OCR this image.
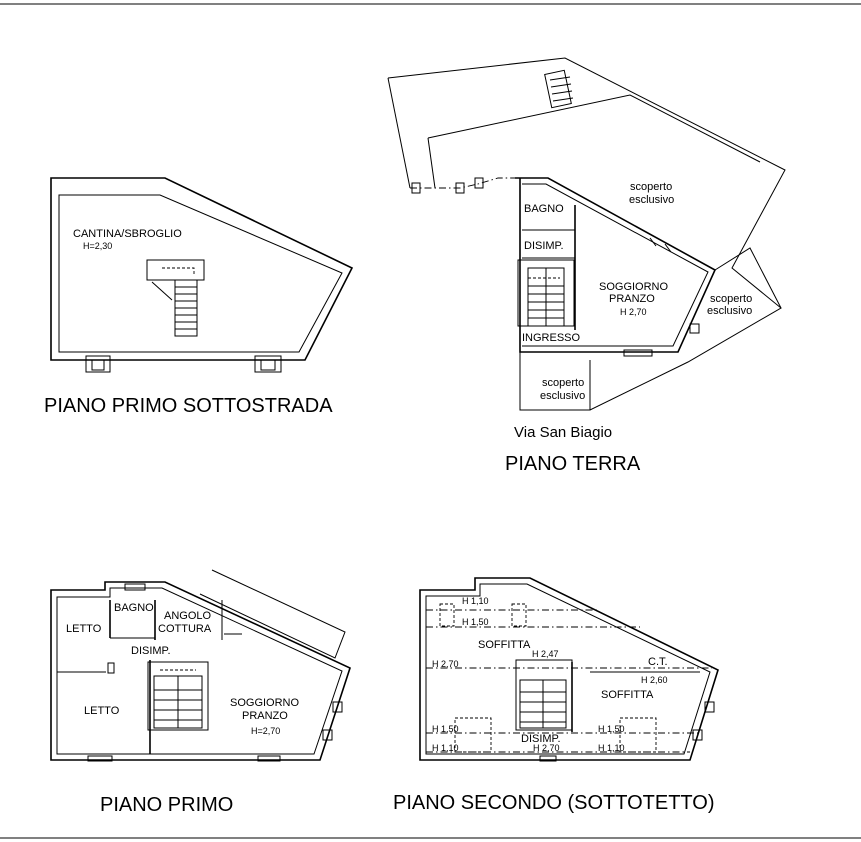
CANTINA/SBROGLIO
H=2,30
PIANO PRIMO SOTTOSTRADA
BAGNO
DISIMP.
SOGGIORNO
PRANZO
H 2,70
INGRESSO
scoperto
esclusivo
scoperto
esclusivo
scoperto
esclusivo
Via San Biagio
PIANO TERRA
LETTO
LETTO
BAGNO
ANGOLO
COTTURA
DISIMP.
SOGGIORNO
PRANZO
H=2,70
PIANO PRIMO
H 1,10
H 1,50
SOFFITTA
H 2,70
H 2,47
C.T.
H 2,60
SOFFITTA
H 1,50
H 1,10
DISIMP.
H 2,70
H 1,50
H 1,10
PIANO SECONDO (SOTTOTETTO)
